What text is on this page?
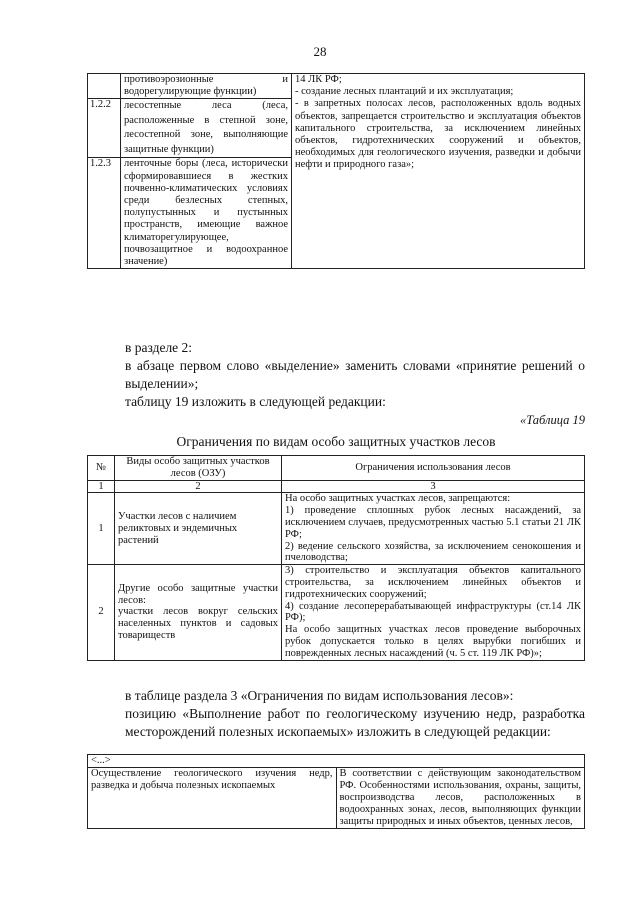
28
	противоэрозионные и водорегулирующие функции)	14 ЛК РФ;
- создание лесных плантаций и их эксплуатация;
- в запретных полосах лесов, расположенных вдоль водных объектов, запрещается строительство и эксплуатация объектов капитального строительства, за исключением линейных объектов, гидротехнических сооружений и объектов, необходимых для геологического изучения, разведки и добычи нефти и природного газа»;
1.2.2	лесостепные леса (леса, расположенные в степной зоне, лесостепной зоне, выполняющие защитные функции)	
1.2.3	ленточные боры (леса, исторически сформировавшиеся в жестких почвенно-климатических условиях среди безлесных степных, полупустынных и пустынных пространств, имеющие важное климаторегулирующее, почвозащитное и водоохранное значение)	
в разделе 2:
в абзаце первом слово «выделение» заменить словами «принятие решений о выделении»;
таблицу 19 изложить в следующей редакции:
«Таблица 19
Ограничения по видам особо защитных участков лесов
№	Виды особо защитных участков лесов (ОЗУ)	Ограничения использования лесов
1	2	3
1	Участки лесов с наличием реликтовых и эндемичных растений	На особо защитных участках лесов, запрещаются:
1) проведение сплошных рубок лесных насаждений, за исключением случаев, предусмотренных частью 5.1 статьи 21 ЛК РФ;
2) ведение сельского хозяйства, за исключением сенокошения и пчеловодства;
2	Другие особо защитные участки лесов:
участки лесов вокруг сельских населенных пунктов и садовых товариществ	3) строительство и эксплуатация объектов капитального строительства, за исключением линейных объектов и гидротехнических сооружений;
4) создание лесоперерабатывающей инфраструктуры (ст.14 ЛК РФ);
На особо защитных участках лесов проведение выборочных рубок допускается только в целях вырубки погибших и поврежденных лесных насаждений (ч. 5 ст. 119 ЛК РФ)»;
в таблице раздела 3 «Ограничения по видам использования лесов»:
позицию «Выполнение работ по геологическому изучению недр, разработка месторождений полезных ископаемых» изложить в следующей редакции:
<...>
Осуществление геологического изучения недр, разведка и добыча полезных ископаемых	В соответствии с действующим законодательством РФ. Особенностями использования, охраны, защиты, воспроизводства лесов, расположенных в водоохранных зонах, лесов, выполняющих функции защиты природных и иных объектов, ценных лесов,
